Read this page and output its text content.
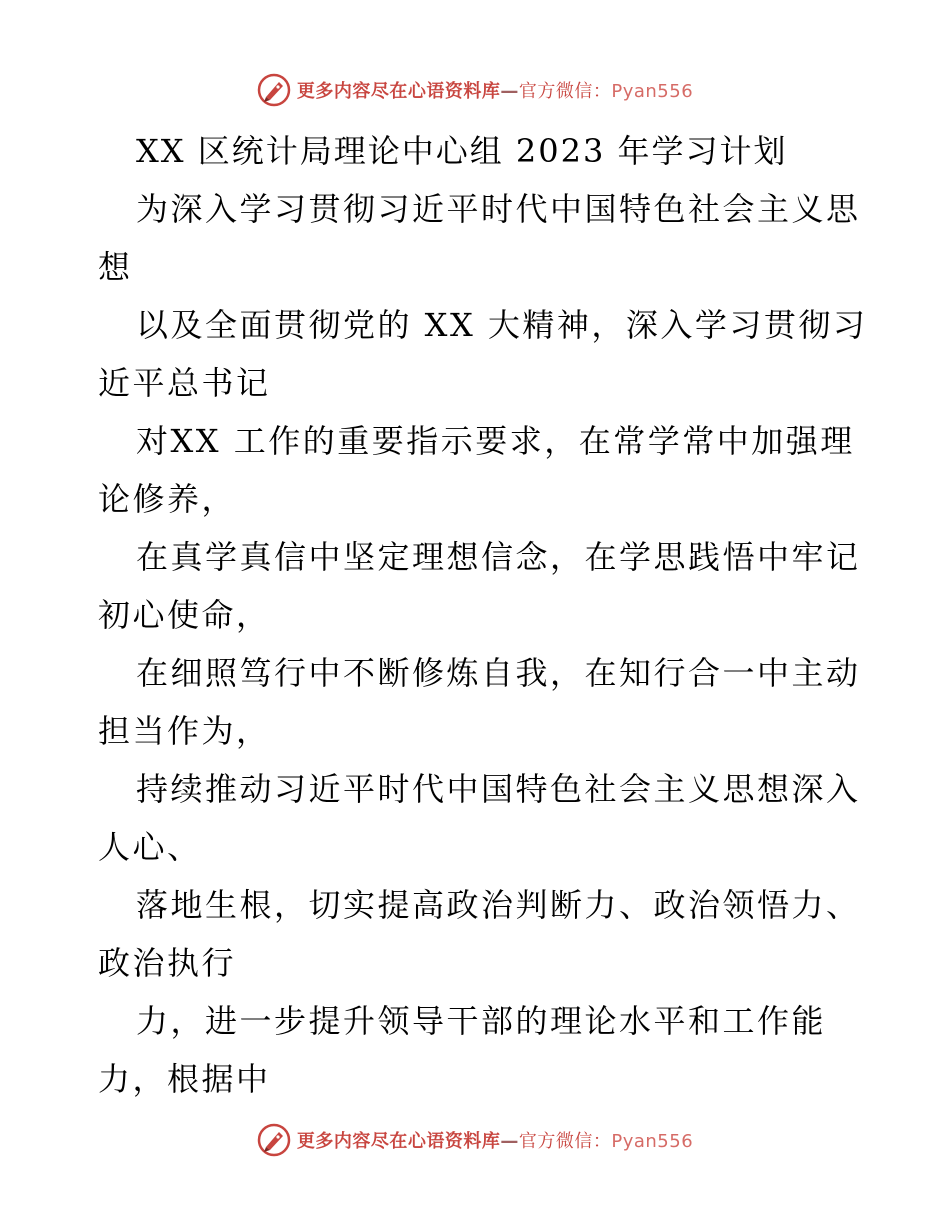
更多内容尽在心语资料库—官方微信：Pyan556
XX 区统计局理论中心组 2023 年学习计划

为深入学习贯彻习近平时代中国特色社会主义思
想

以及全面贯彻党的 XX 大精神，深入学习贯彻习
近平总书记

对XX 工作的重要指示要求，在常学常中加强理
论修养，

在真学真信中坚定理想信念，在学思践悟中牢记
初心使命，

在细照笃行中不断修炼自我，在知行合一中主动
担当作为，

持续推动习近平时代中国特色社会主义思想深入
人心、

落地生根，切实提高政治判断力、政治领悟力、
政治执行

力，进一步提升领导干部的理论水平和工作能
力，根据中

更多内容尽在心语资料库—官方微信：Pyan556
